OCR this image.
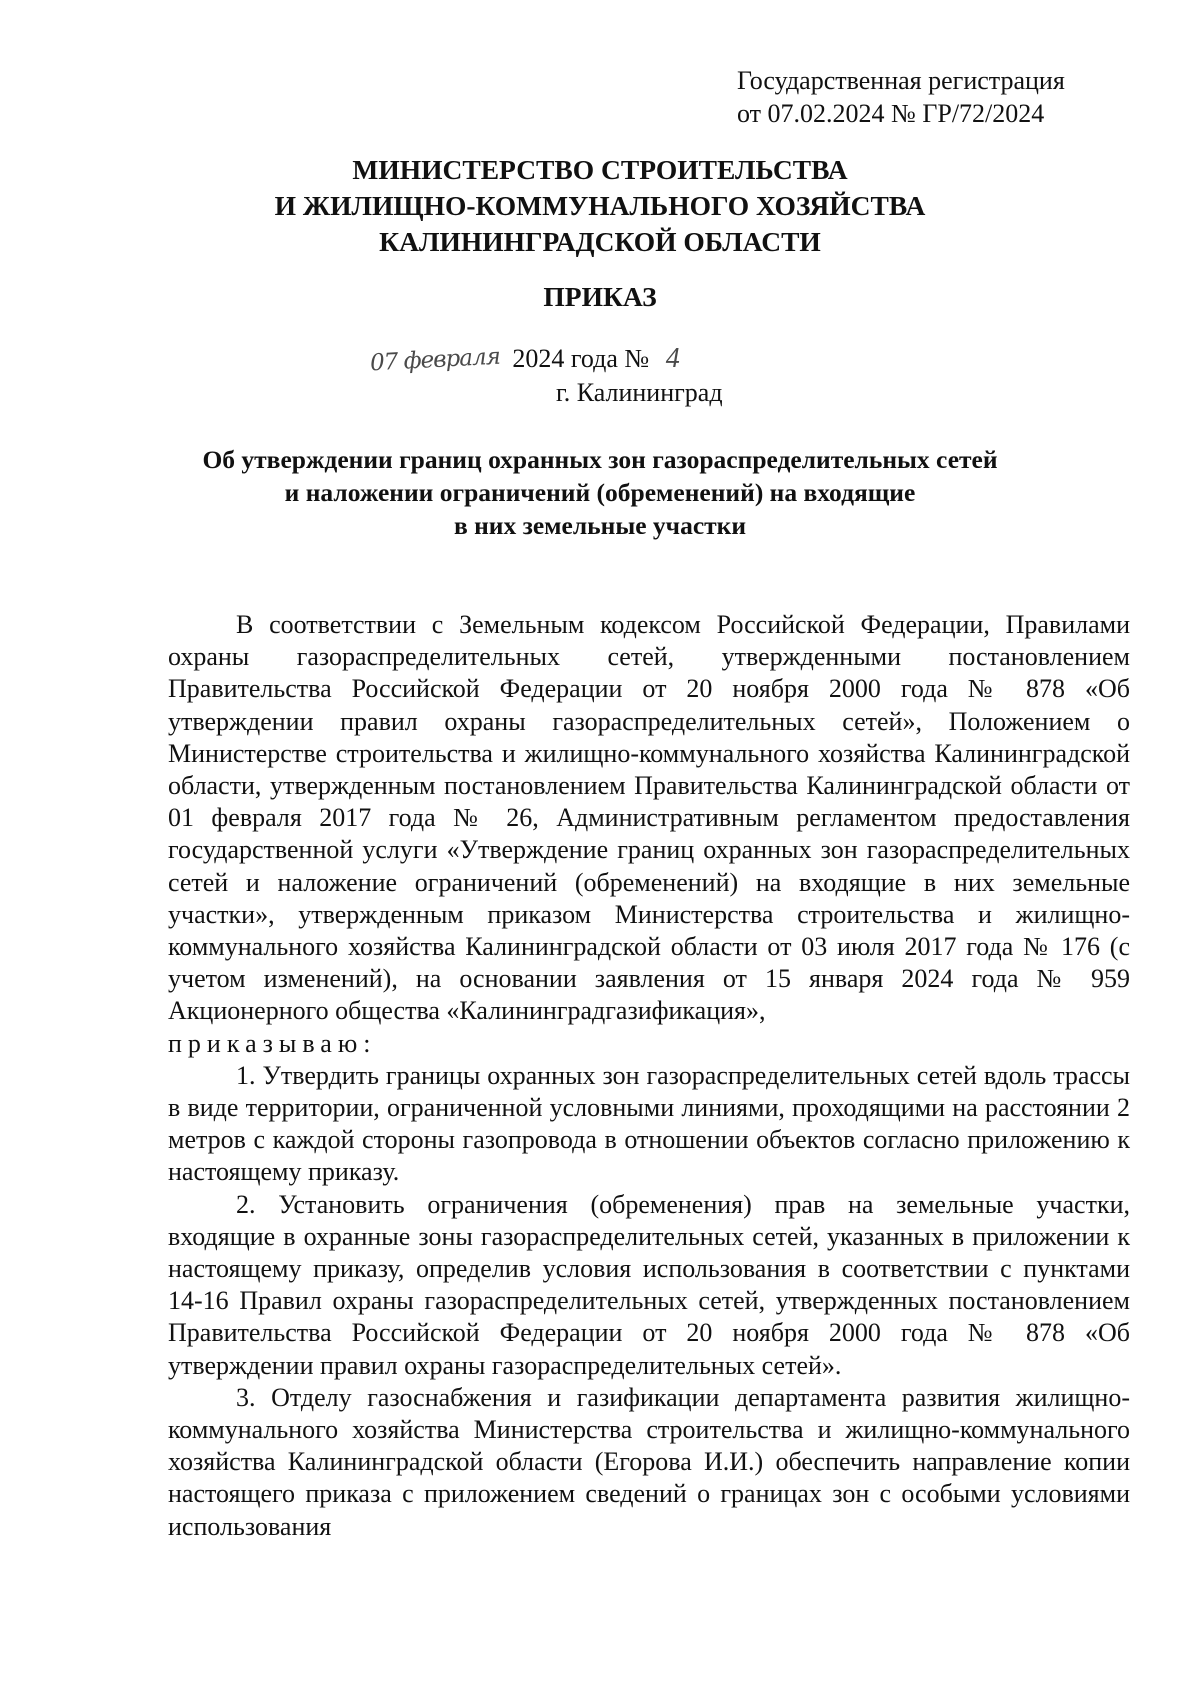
Государственная регистрация
от 07.02.2024 № ГР/72/2024
МИНИСТЕРСТВО СТРОИТЕЛЬСТВА
И ЖИЛИЩНО-КОММУНАЛЬНОГО ХОЗЯЙСТВА
КАЛИНИНГРАДСКОЙ ОБЛАСТИ
ПРИКАЗ
07 февраля 2024 года № 4
г. Калининград
Об утверждении границ охранных зон газораспределительных сетей
и наложении ограничений (обременений) на входящие
в них земельные участки

В соответствии с Земельным кодексом Российской Федерации, Правилами охраны газораспределительных сетей, утвержденными постановлением Правительства Российской Федерации от 20 ноября 2000 года № 878 «Об утверждении правил охраны газораспределительных сетей», Положением о Министерстве строительства и жилищно-коммунального хозяйства Калининградской области, утвержденным постановлением Правительства Калининградской области от 01 февраля 2017 года № 26, Административным регламентом предоставления государственной услуги «Утверждение границ охранных зон газораспределительных сетей и наложение ограничений (обременений) на входящие в них земельные участки», утвержденным приказом Министерства строительства и жилищно-коммунального хозяйства Калининградской области от 03 июля 2017 года № 176 (с учетом изменений), на основании заявления от 15 января 2024 года № 959 Акционерного общества «Калининградгазификация»,

приказываю:

1. Утвердить границы охранных зон газораспределительных сетей вдоль трассы в виде территории, ограниченной условными линиями, проходящими на расстоянии 2 метров с каждой стороны газопровода в отношении объектов согласно приложению к настоящему приказу.

2. Установить ограничения (обременения) прав на земельные участки, входящие в охранные зоны газораспределительных сетей, указанных в приложении к настоящему приказу, определив условия использования в соответствии с пунктами 14-16 Правил охраны газораспределительных сетей, утвержденных постановлением Правительства Российской Федерации от 20 ноября 2000 года № 878 «Об утверждении правил охраны газораспределительных сетей».

3. Отделу газоснабжения и газификации департамента развития жилищно-коммунального хозяйства Министерства строительства и жилищно-коммунального хозяйства Калининградской области (Егорова И.И.) обеспечить направление копии настоящего приказа с приложением сведений о границах зон с особыми условиями использования
